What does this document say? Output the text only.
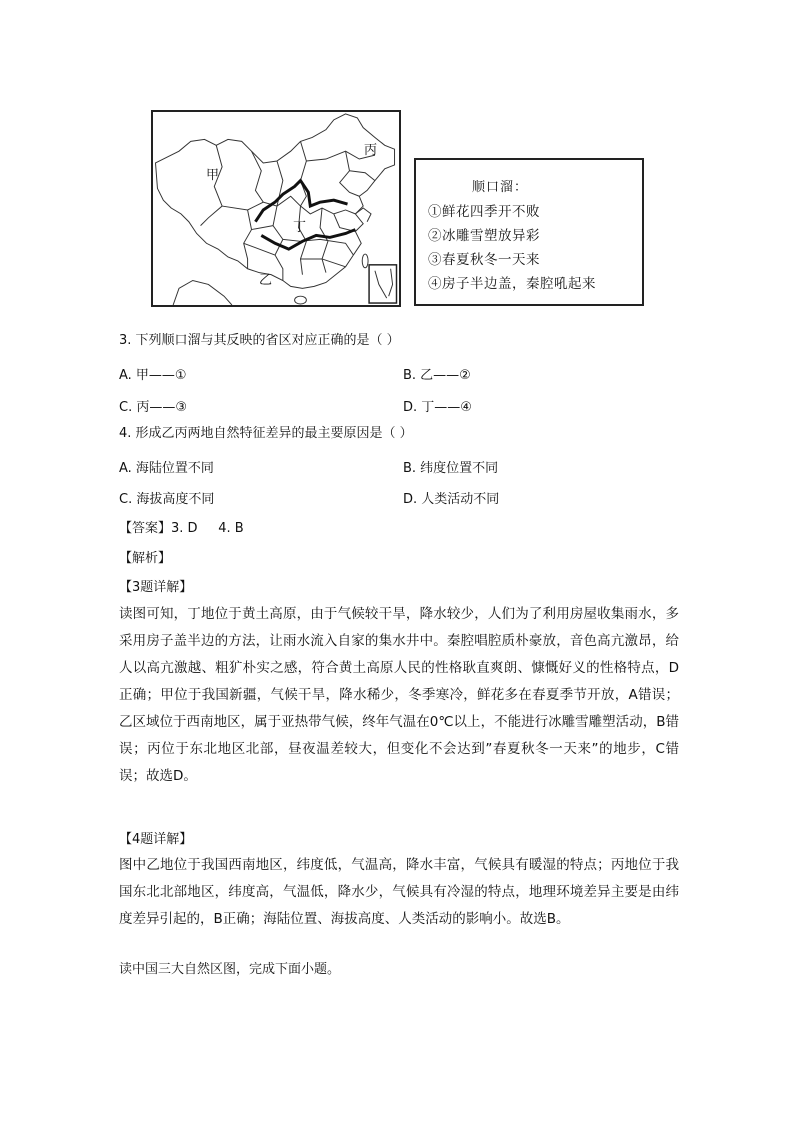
甲
乙
丙
丁
顺口溜：
①鲜花四季开不败
②冰雕雪塑放异彩
③春夏秋冬一天来
④房子半边盖，秦腔吼起来
3. 下列顺口溜与其反映的省区对应正确的是（ ）
A. 甲——①	B. 乙——②
C. 丙——③	D. 丁——④
4. 形成乙丙两地自然特征差异的最主要原因是（ ）
A. 海陆位置不同	B. 纬度位置不同
C. 海拔高度不同	D. 人类活动不同
【答案】3. D     4. B
【解析】
【3题详解】

读图可知，丁地位于黄土高原，由于气候较干旱，降水较少，人们为了利用房屋收集雨水，多采用房子盖半边的方法，让雨水流入自家的集水井中。秦腔唱腔质朴豪放，音色高亢激昂，给人以高亢激越、粗犷朴实之感，符合黄土高原人民的性格耿直爽朗、慷慨好义的性格特点，D正确；甲位于我国新疆，气候干旱，降水稀少，冬季寒冷，鲜花多在春夏季节开放，A错误；乙区域位于西南地区，属于亚热带气候，终年气温在0℃以上，不能进行冰雕雪雕塑活动，B错误；丙位于东北地区北部，昼夜温差较大，但变化不会达到”春夏秋冬一天来”的地步，C错误；故选D。

【4题详解】

图中乙地位于我国西南地区，纬度低，气温高，降水丰富，气候具有暖湿的特点；丙地位于我国东北北部地区，纬度高，气温低，降水少，气候具有冷湿的特点，地理环境差异主要是由纬度差异引起的，B正确；海陆位置、海拔高度、人类活动的影响小。故选B。

读中国三大自然区图，完成下面小题。
